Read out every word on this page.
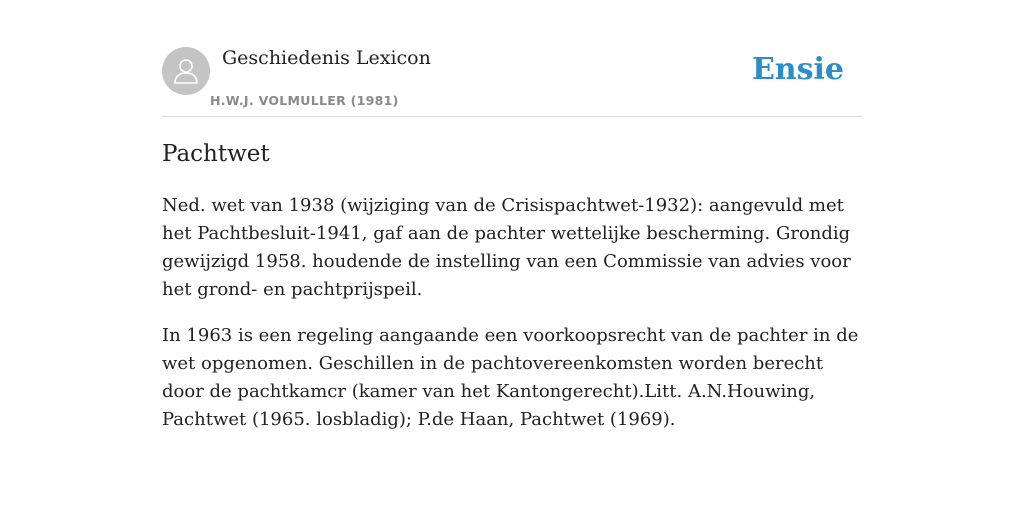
Geschiedenis Lexicon
H.W.J. VOLMULLER (1981)
Ensie
Pachtwet

Ned. wet van 1938 (wijziging van de Crisispachtwet-1932): aangevuld met het Pachtbesluit-1941, gaf aan de pachter wettelijke bescherming. Grondig gewijzigd 1958. houdende de instelling van een Commissie van advies voor het grond- en pachtprijspeil.

In 1963 is een regeling aangaande een voorkoopsrecht van de pachter in de wet opgenomen. Geschillen in de pachtovereenkomsten worden berecht door de pachtkamcr (kamer van het Kantongerecht).Litt. A.N.Houwing, Pachtwet (1965. losbladig); P.de Haan, Pachtwet (1969).
